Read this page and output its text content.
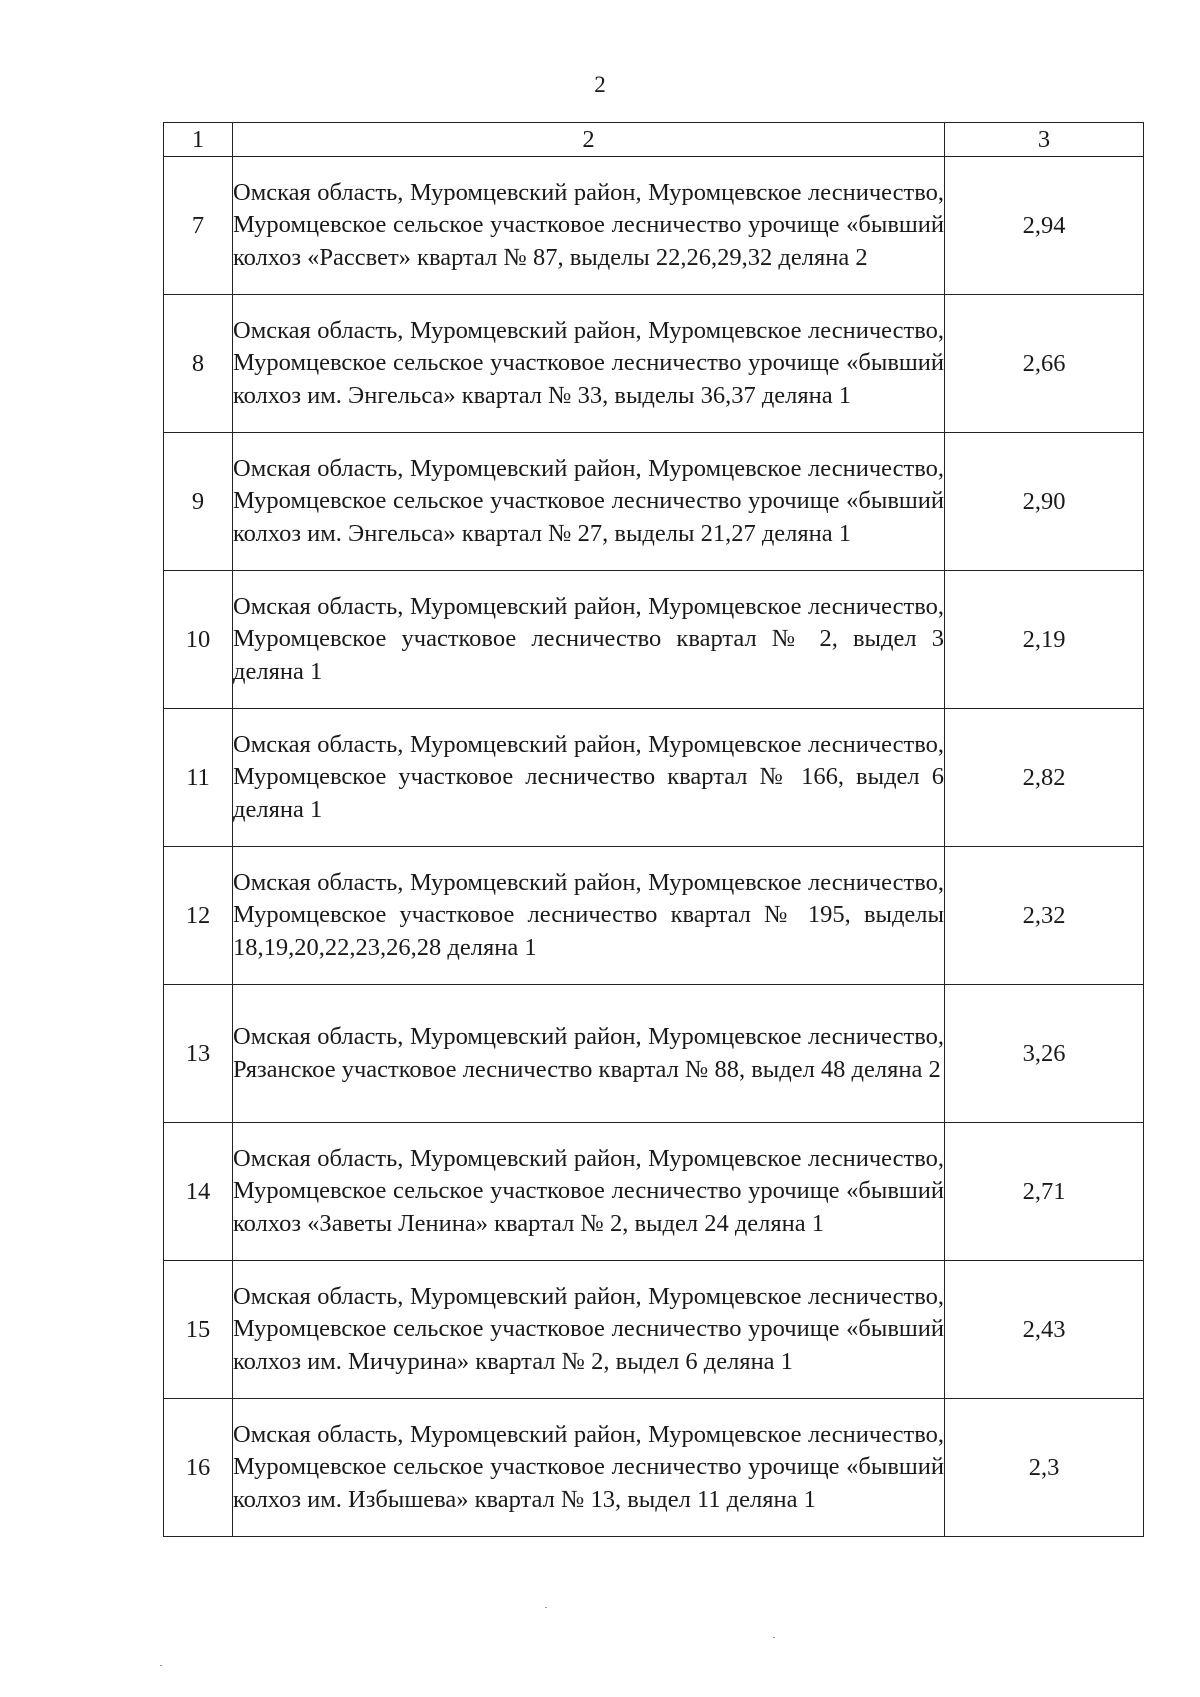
2
1	2	3
7	Омская область, Муромцевский район, Муромцевское лесничество, Муромцевское сельское участковое лесничество урочище «бывший колхоз «Рассвет» квартал № 87, выделы 22,26,29,32 деляна 2	2,94
8	Омская область, Муромцевский район, Муромцевское лесничество, Муромцевское сельское участковое лесничество урочище «бывший колхоз им. Энгельса» квартал № 33, выделы 36,37 деляна 1	2,66
9	Омская область, Муромцевский район, Муромцевское лесничество, Муромцевское сельское участковое лесничество урочище «бывший колхоз им. Энгельса» квартал № 27, выделы 21,27 деляна 1	2,90
10	Омская область, Муромцевский район, Муромцевское лесничество, Муромцевское участковое лесничество квартал № 2, выдел 3 деляна 1	2,19
11	Омская область, Муромцевский район, Муромцевское лесничество, Муромцевское участковое лесничество квартал № 166, выдел 6 деляна 1	2,82
12	Омская область, Муромцевский район, Муромцевское лесничество, Муромцевское участковое лесничество квартал № 195, выделы 18,19,20,22,23,26,28 деляна 1	2,32
13	Омская область, Муромцевский район, Муромцевское лесничество, Рязанское участковое лесничество квартал № 88, выдел 48 деляна 2	3,26
14	Омская область, Муромцевский район, Муромцевское лесничество, Муромцевское сельское участковое лесничество урочище «бывший колхоз «Заветы Ленина» квартал № 2, выдел 24 деляна 1	2,71
15	Омская область, Муромцевский район, Муромцевское лесничество, Муромцевское сельское участковое лесничество урочище «бывший колхоз им. Мичурина» квартал № 2, выдел 6 деляна 1	2,43
16	Омская область, Муромцевский район, Муромцевское лесничество, Муромцевское сельское участковое лесничество урочище «бывший колхоз им. Избышева» квартал № 13, выдел 11 деляна 1	2,3
